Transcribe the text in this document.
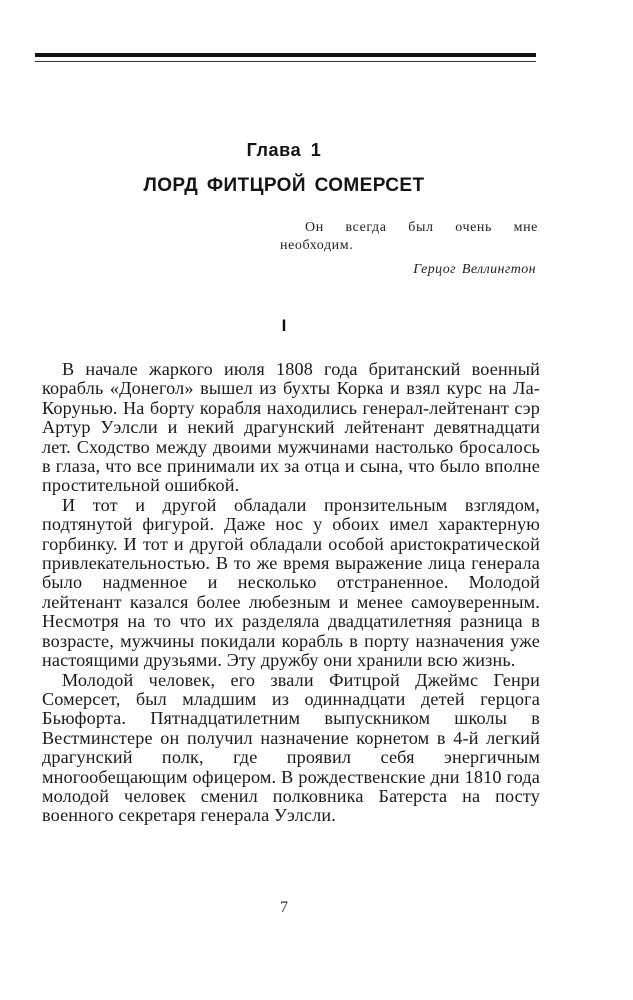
Глава 1
ЛОРД ФИТЦРОЙ СОМЕРСЕТ
Он всегда был очень мне необходим.
Герцог Веллингтон
I

В начале жаркого июля 1808 года британский военный корабль «Донегол» вышел из бухты Корка и взял курс на Ла-Корунью. На борту корабля находились генерал-лейтенант сэр Артур Уэлсли и некий драгунский лейтенант девятнадцати лет. Сходство между двоими мужчинами настолько бросалось в глаза, что все принимали их за отца и сына, что было вполне простительной ошибкой.

И тот и другой обладали пронзительным взглядом, подтянутой фигурой. Даже нос у обоих имел характерную горбинку. И тот и другой обладали особой аристократической привлекательностью. В то же время выражение лица генерала было надменное и несколько отстраненное. Молодой лейтенант казался более любезным и менее самоуверенным. Несмотря на то что их разделяла двадцатилетняя разница в возрасте, мужчины покидали корабль в порту назначения уже настоящими друзьями. Эту дружбу они хранили всю жизнь.

Молодой человек, его звали Фитцрой Джеймс Генри Сомерсет, был младшим из одиннадцати детей герцога Бьюфорта. Пятнадцатилетним выпускником школы в Вестминстере он получил назначение корнетом в 4-й легкий драгунский полк, где проявил себя энергичным многообещающим офицером. В рождественские дни 1810 года молодой человек сменил полковника Батерста на посту военного секретаря генерала Уэлсли.

7
